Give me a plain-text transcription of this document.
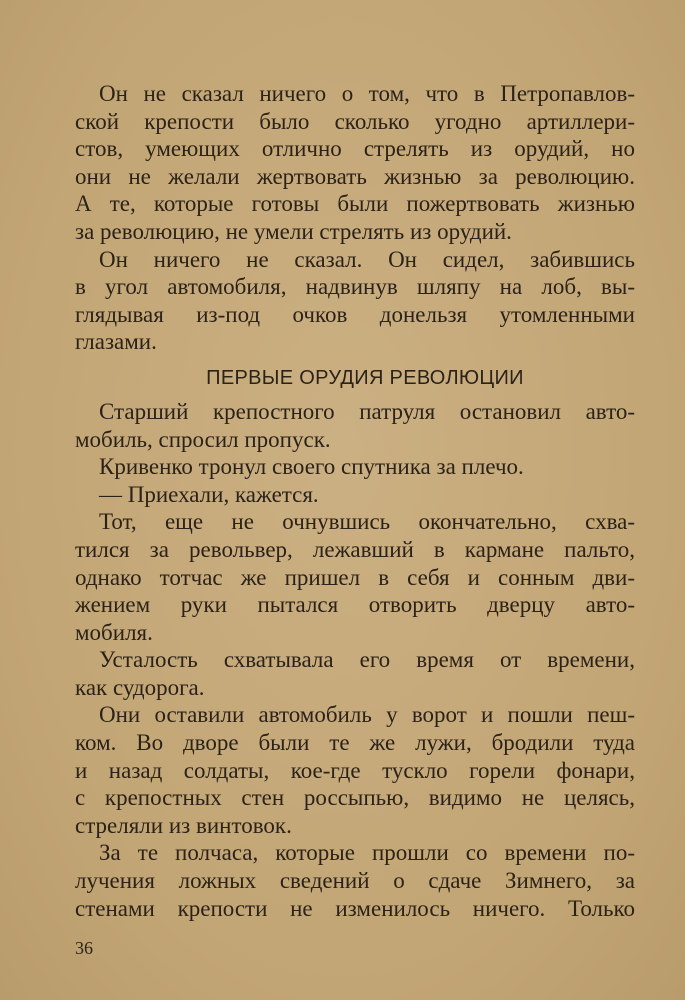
Он не сказал ничего о том, что в Петропавлов-
ской крепости было сколько угодно артиллери-
стов, умеющих отлично стрелять из орудий, но
они не желали жертвовать жизнью за революцию.
А те, которые готовы были пожертвовать жизнью
за революцию, не умели стрелять из орудий.
Он ничего не сказал. Он сидел, забившись
в угол автомобиля, надвинув шляпу на лоб, вы-
глядывая из-под очков донельзя утомленными
глазами.
ПЕРВЫЕ ОРУДИЯ РЕВОЛЮЦИИ
Старший крепостного патруля остановил авто-
мобиль, спросил пропуск.
Кривенко тронул своего спутника за плечо.
— Приехали, кажется.
Тот, еще не очнувшись окончательно, схва-
тился за револьвер, лежавший в кармане пальто,
однако тотчас же пришел в себя и сонным дви-
жением руки пытался отворить дверцу авто-
мобиля.
Усталость схватывала его время от времени,
как судорога.
Они оставили автомобиль у ворот и пошли пеш-
ком. Во дворе были те же лужи, бродили туда
и назад солдаты, кое-где тускло горели фонари,
с крепостных стен россыпью, видимо не целясь,
стреляли из винтовок.
За те полчаса, которые прошли со времени по-
лучения ложных сведений о сдаче Зимнего, за
стенами крепости не изменилось ничего. Только
36
